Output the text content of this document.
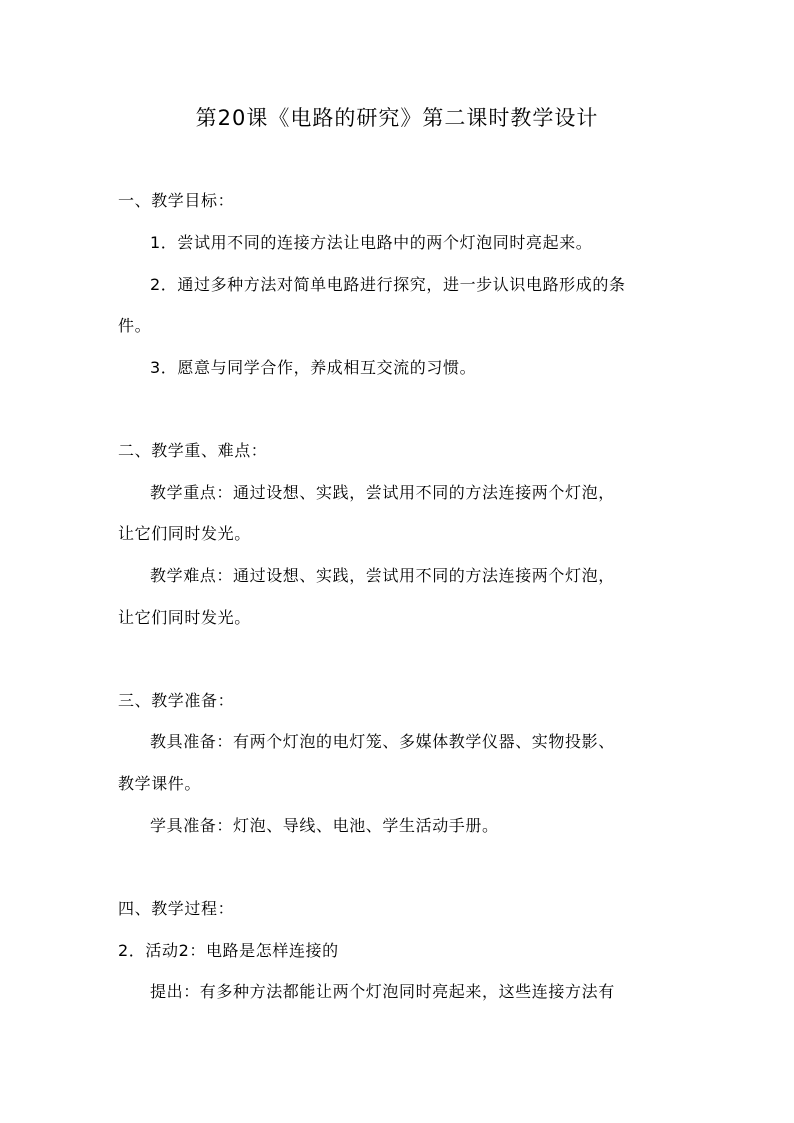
第20课《电路的研究》第二课时教学设计
一、教学目标：
1．尝试用不同的连接方法让电路中的两个灯泡同时亮起来。
2．通过多种方法对简单电路进行探究，进一步认识电路形成的条
件。
3．愿意与同学合作，养成相互交流的习惯。
二、教学重、难点：
教学重点：通过设想、实践，尝试用不同的方法连接两个灯泡，
让它们同时发光。
教学难点：通过设想、实践，尝试用不同的方法连接两个灯泡，
让它们同时发光。
三、教学准备：
教具准备：有两个灯泡的电灯笼、多媒体教学仪器、实物投影、
教学课件。
学具准备：灯泡、导线、电池、学生活动手册。
四、教学过程：
2．活动2：电路是怎样连接的
提出：有多种方法都能让两个灯泡同时亮起来，这些连接方法有
